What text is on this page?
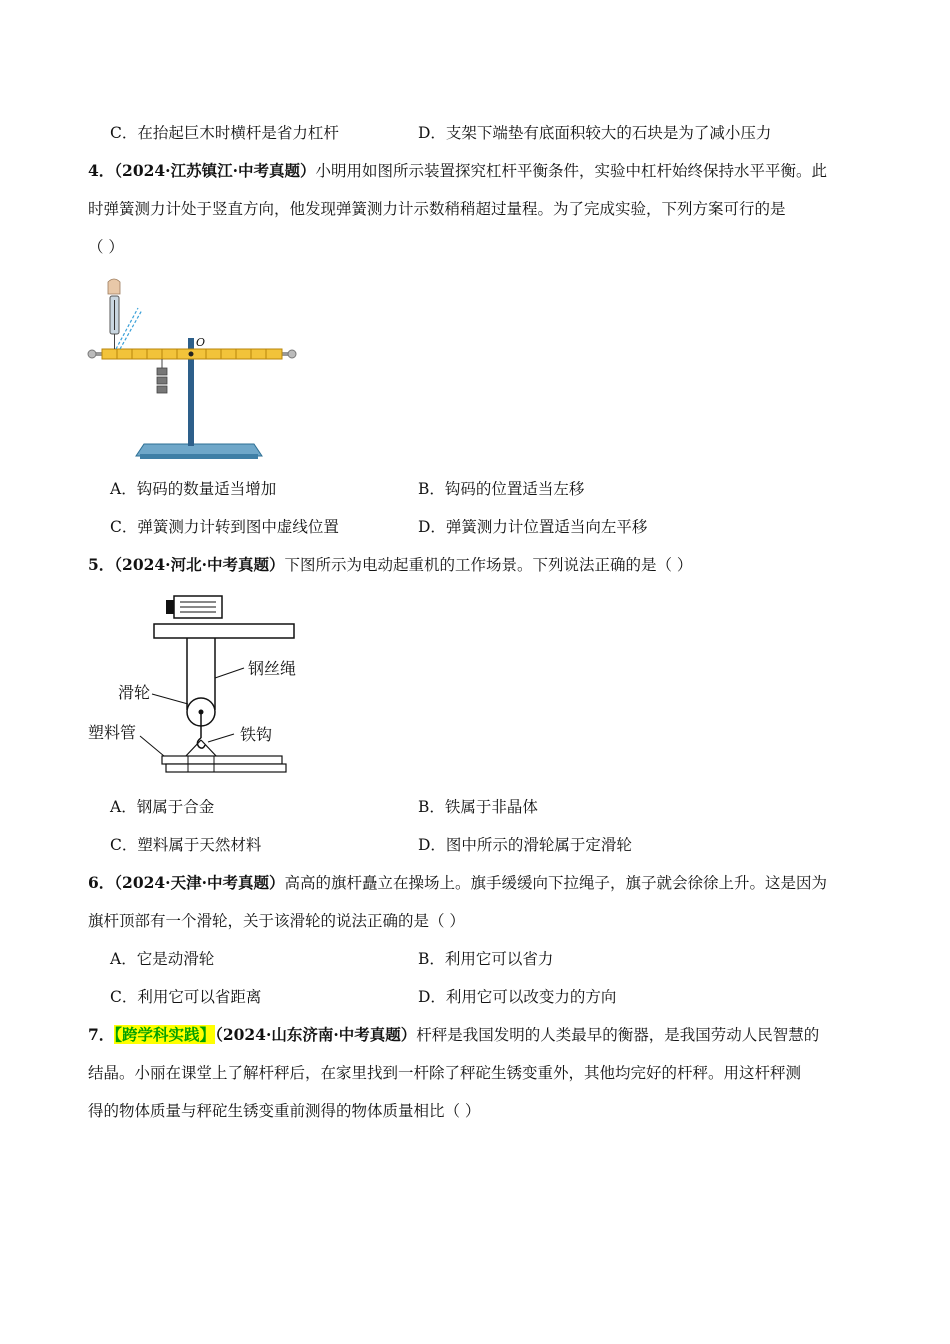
C．在抬起巨木时横杆是省力杠杆	D．支架下端垫有底面积较大的石块是为了减小压力
4．（2024·江苏镇江·中考真题）小明用如图所示装置探究杠杆平衡条件，实验中杠杆始终保持水平平衡。此
时弹簧测力计处于竖直方向，他发现弹簧测力计示数稍稍超过量程。为了完成实验，下列方案可行的是
（ ）
O
A．钩码的数量适当增加	B．钩码的位置适当左移
C．弹簧测力计转到图中虚线位置	D．弹簧测力计位置适当向左平移
5．（2024·河北·中考真题）下图所示为电动起重机的工作场景。下列说法正确的是（ ）
钢丝绳
滑轮
塑料管	铁钩
A．钢属于合金	B．铁属于非晶体
C．塑料属于天然材料	D．图中所示的滑轮属于定滑轮
6．（2024·天津·中考真题）高高的旗杆矗立在操场上。旗手缓缓向下拉绳子，旗子就会徐徐上升。这是因为
旗杆顶部有一个滑轮，关于该滑轮的说法正确的是（ ）
A．它是动滑轮	B．利用它可以省力
C．利用它可以省距离	D．利用它可以改变力的方向
7．【跨学科实践】（2024·山东济南·中考真题）杆秤是我国发明的人类最早的衡器，是我国劳动人民智慧的
结晶。小丽在课堂上了解杆秤后，在家里找到一杆除了秤砣生锈变重外，其他均完好的杆秤。用这杆秤测
得的物体质量与秤砣生锈变重前测得的物体质量相比（ ）
